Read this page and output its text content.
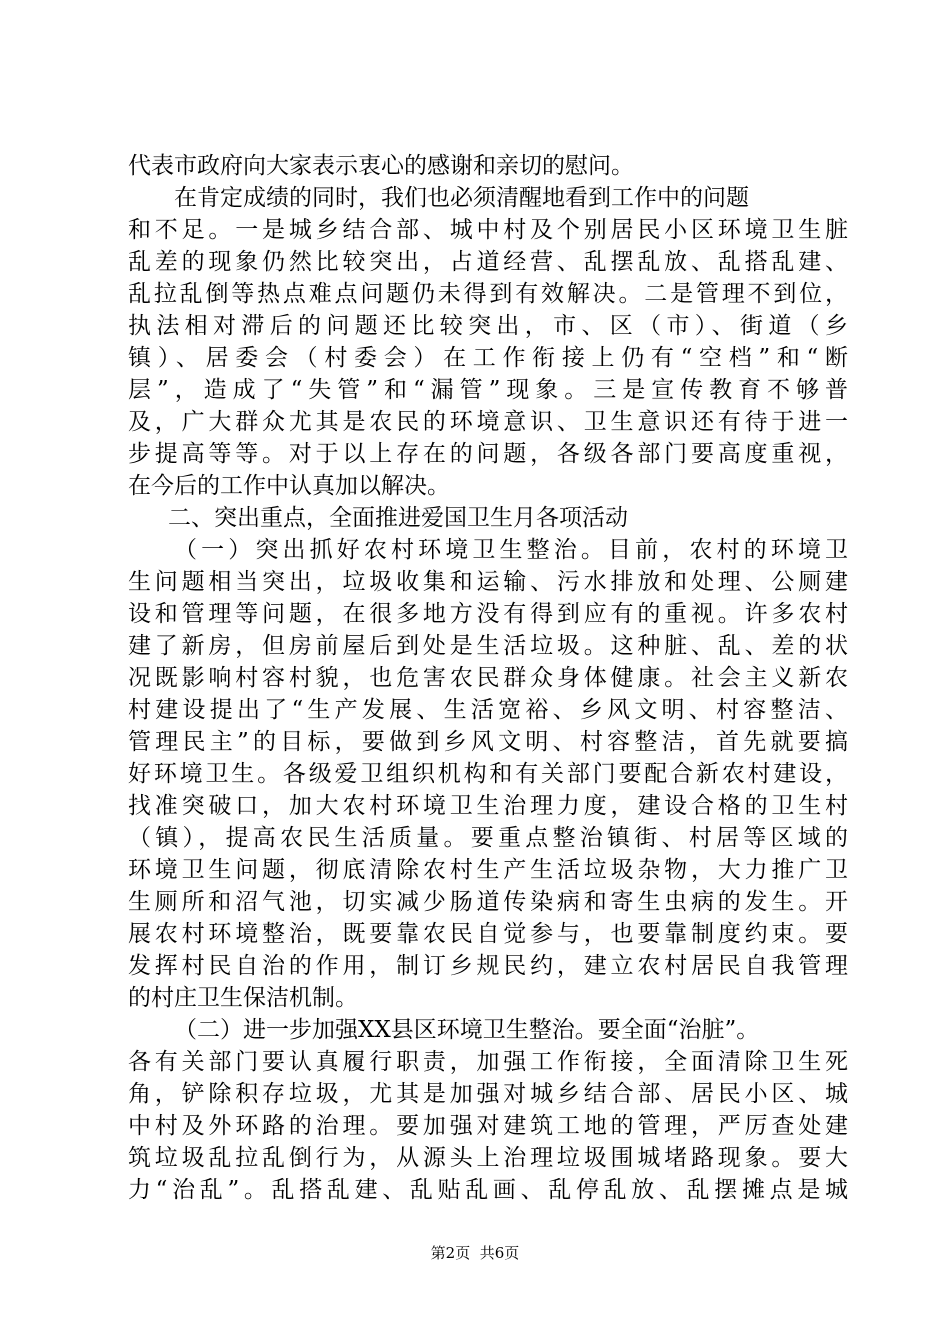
代表市政府向大家表示衷心的感谢和亲切的慰问。
在肯定成绩的同时，我们也必须清醒地看到工作中的问题
和不足。一是城乡结合部、城中村及个别居民小区环境卫生脏
乱差的现象仍然比较突出，占道经营、乱摆乱放、乱搭乱建、
乱拉乱倒等热点难点问题仍未得到有效解决。二是管理不到位，
执法相对滞后的问题还比较突出，市、区（市）、街道（乡
镇）、居委会（村委会）在工作衔接上仍有“空档”和“断
层”，造成了“失管”和“漏管”现象。三是宣传教育不够普
及，广大群众尤其是农民的环境意识、卫生意识还有待于进一
步提高等等。对于以上存在的问题，各级各部门要高度重视，
在今后的工作中认真加以解决。
二、突出重点，全面推进爱国卫生月各项活动
（一）突出抓好农村环境卫生整治。目前，农村的环境卫
生问题相当突出，垃圾收集和运输、污水排放和处理、公厕建
设和管理等问题，在很多地方没有得到应有的重视。许多农村
建了新房，但房前屋后到处是生活垃圾。这种脏、乱、差的状
况既影响村容村貌，也危害农民群众身体健康。社会主义新农
村建设提出了“生产发展、生活宽裕、乡风文明、村容整洁、
管理民主”的目标，要做到乡风文明、村容整洁，首先就要搞
好环境卫生。各级爱卫组织机构和有关部门要配合新农村建设，
找准突破口，加大农村环境卫生治理力度，建设合格的卫生村
（镇），提高农民生活质量。要重点整治镇街、村居等区域的
环境卫生问题，彻底清除农村生产生活垃圾杂物，大力推广卫
生厕所和沼气池，切实减少肠道传染病和寄生虫病的发生。开
展农村环境整治，既要靠农民自觉参与，也要靠制度约束。要
发挥村民自治的作用，制订乡规民约，建立农村居民自我管理
的村庄卫生保洁机制。
（二）进一步加强XX县区环境卫生整治。要全面“治脏”。
各有关部门要认真履行职责，加强工作衔接，全面清除卫生死
角，铲除积存垃圾，尤其是加强对城乡结合部、居民小区、城
中村及外环路的治理。要加强对建筑工地的管理，严厉查处建
筑垃圾乱拉乱倒行为，从源头上治理垃圾围城堵路现象。要大
力“治乱”。乱搭乱建、乱贴乱画、乱停乱放、乱摆摊点是城
第2页 共6页
